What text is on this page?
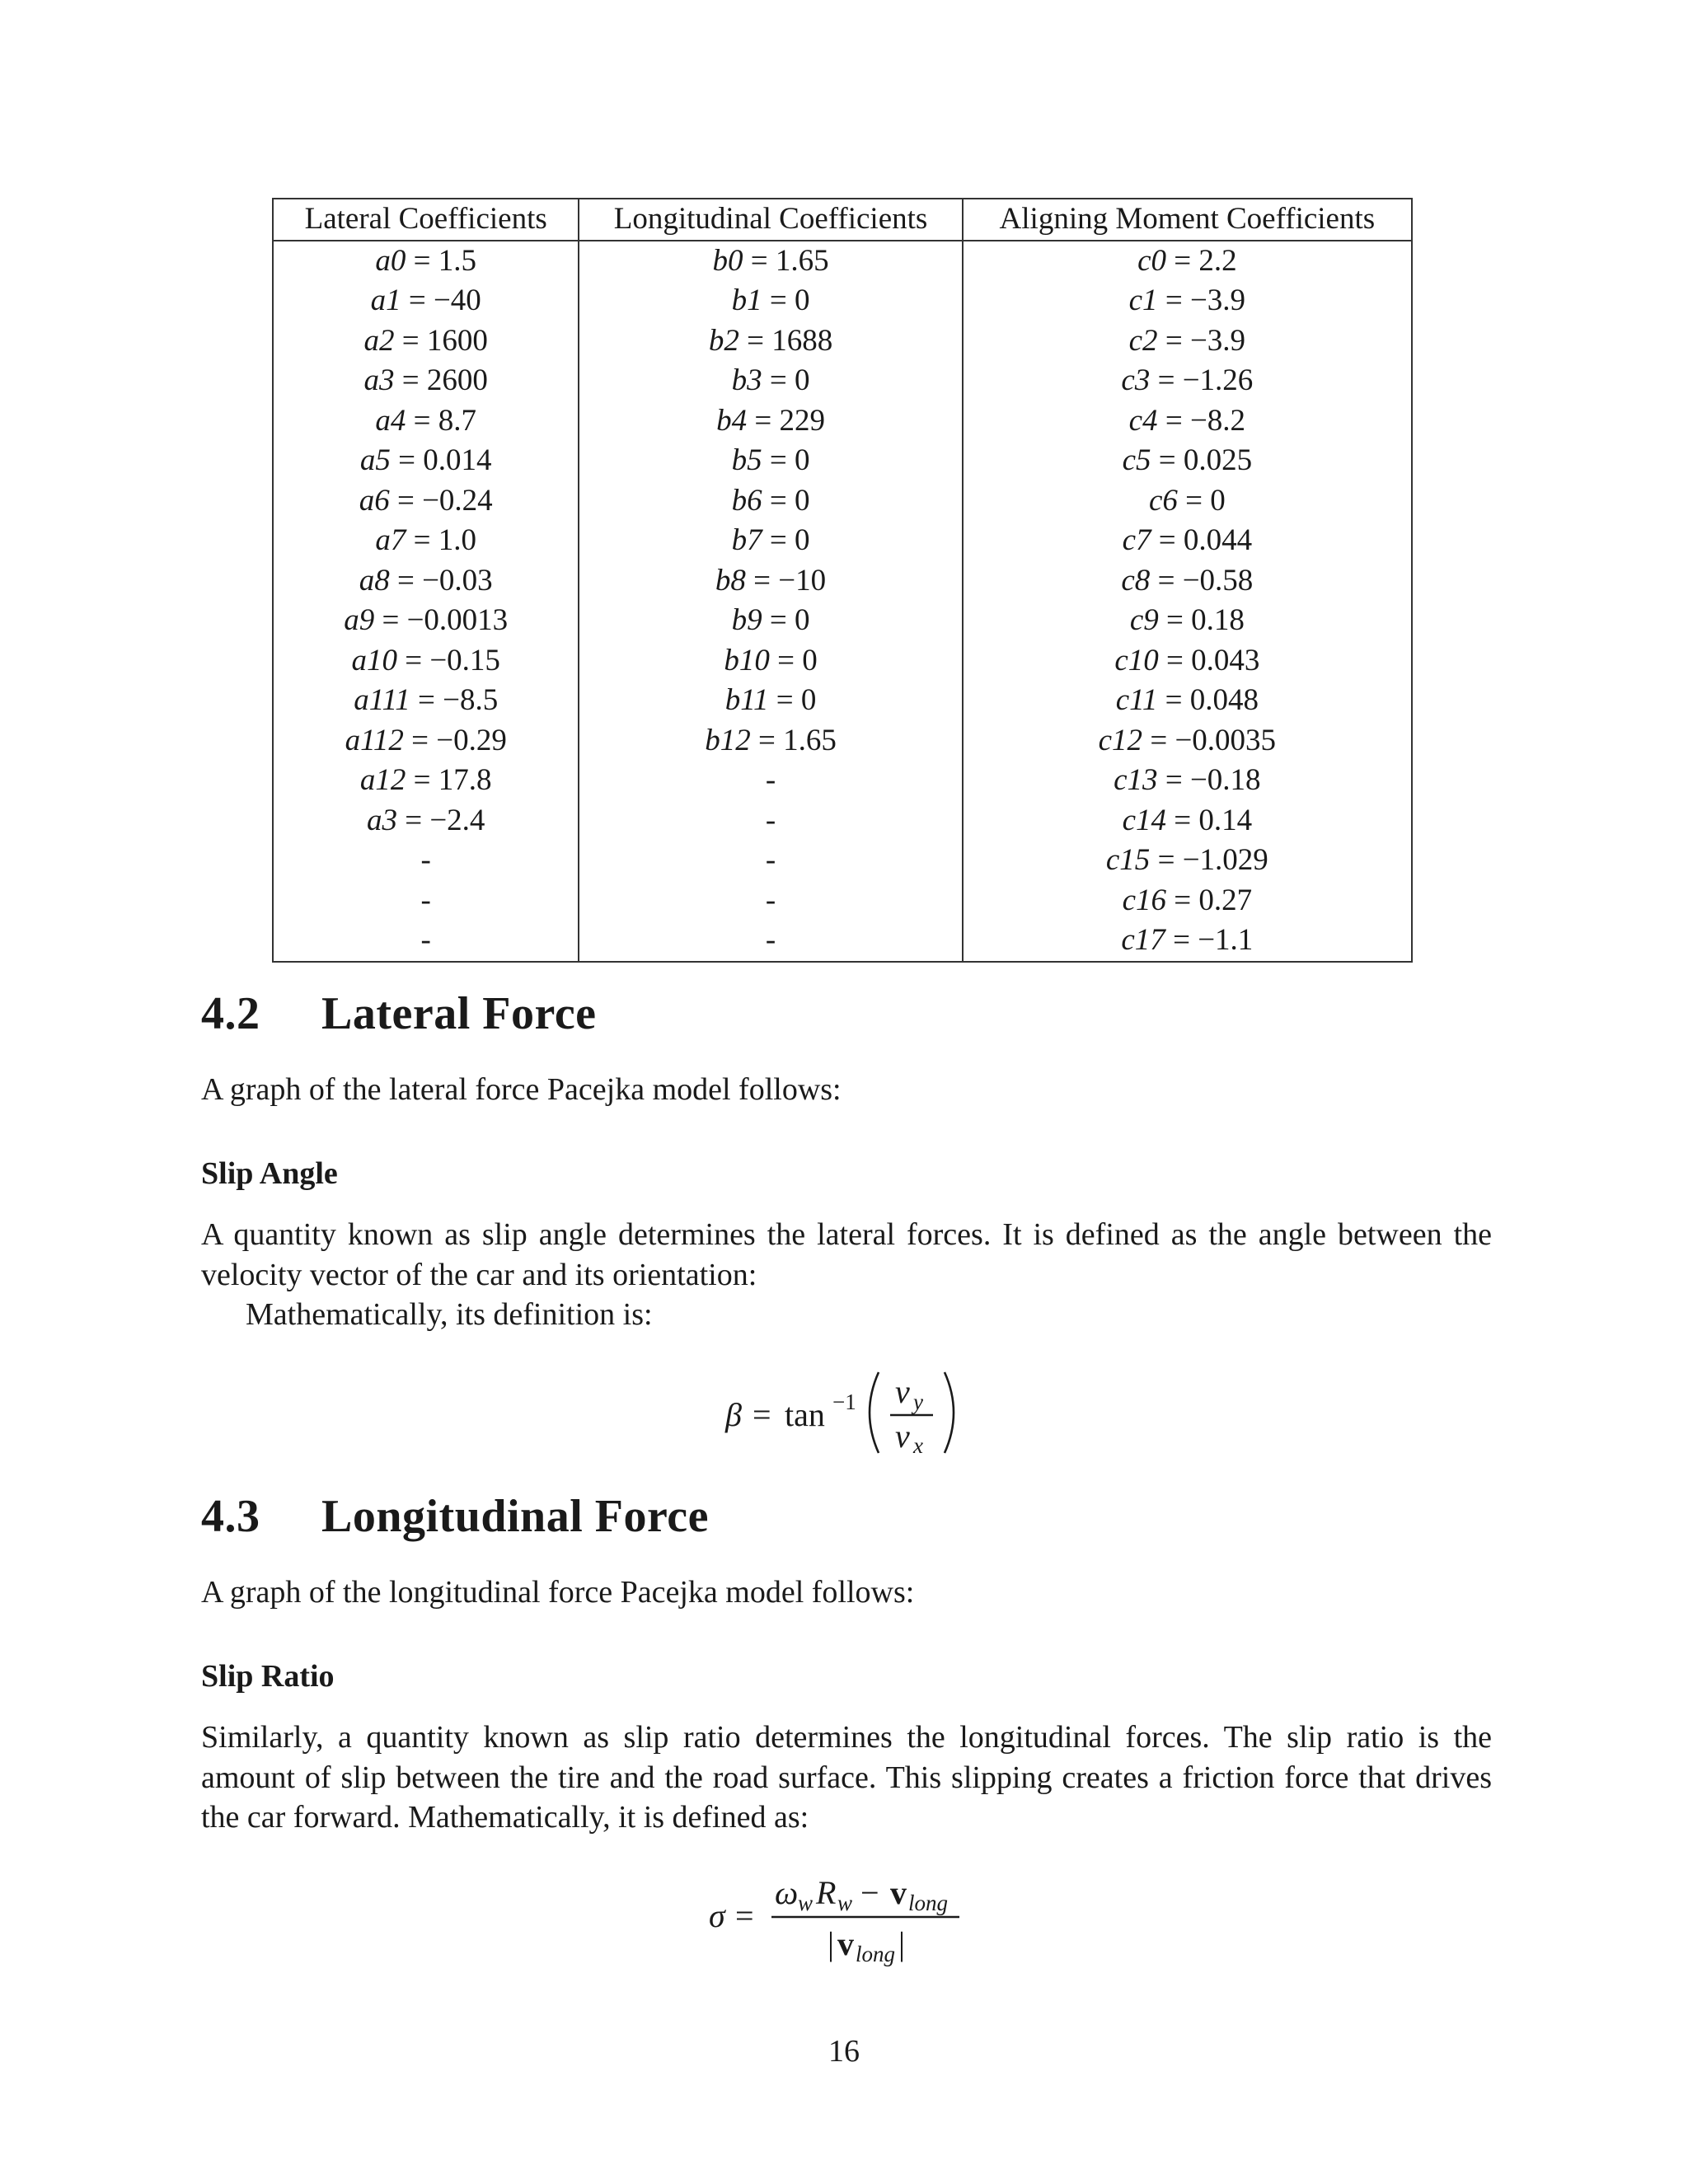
Lateral Coefficients	Longitudinal Coefficients	Aligning Moment Coefficients
a0 = 1.5	b0 = 1.65	c0 = 2.2
a1 = −40	b1 = 0	c1 = −3.9
a2 = 1600	b2 = 1688	c2 = −3.9
a3 = 2600	b3 = 0	c3 = −1.26
a4 = 8.7	b4 = 229	c4 = −8.2
a5 = 0.014	b5 = 0	c5 = 0.025
a6 = −0.24	b6 = 0	c6 = 0
a7 = 1.0	b7 = 0	c7 = 0.044
a8 = −0.03	b8 = −10	c8 = −0.58
a9 = −0.0013	b9 = 0	c9 = 0.18
a10 = −0.15	b10 = 0	c10 = 0.043
a111 = −8.5	b11 = 0	c11 = 0.048
a112 = −0.29	b12 = 1.65	c12 = −0.0035
a12 = 17.8	-	c13 = −0.18
a3 = −2.4	-	c14 = 0.14
-	-	c15 = −1.029
-	-	c16 = 0.27
-	-	c17 = −1.1
4.2 Lateral Force

A graph of the lateral force Pacejka model follows:

Slip Angle

A quantity known as slip angle determines the lateral forces. It is defined as the angle between the velocity vector of the car and its orientation:
Mathematically, its definition is:

β = tan −1 v y
v x
4.3 Longitudinal Force

A graph of the longitudinal force Pacejka model follows:

Slip Ratio

Similarly, a quantity known as slip ratio determines the longitudinal forces. The slip ratio is the amount of slip between the tire and the road surface. This slipping creates a friction force that drives the car forward. Mathematically, it is defined as:

σ =
ω w R w − v long
| v long |
16
